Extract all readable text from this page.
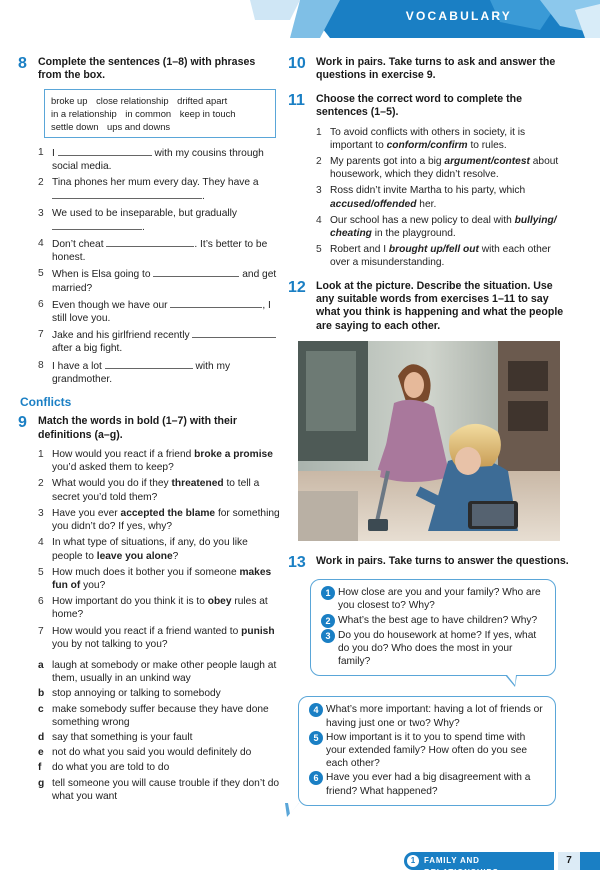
VOCABULARY
8	Complete the sentences (1–8) with phrases from the box.
broke up close relationship drifted apart
in a relationship in common keep in touch
settle down ups and downs
1 I	with my cousins through social media.
2 Tina phones her mum every day. They have a .
3 We used to be inseparable, but gradually
.
4 Don’t cheat	. It’s better to be honest.
5 When is Elsa going to	and get married?
6 Even though we have our	, I still love you.
7 Jake and his girlfriend recently  after a big fight.
8 I have a lot	with my grandmother.
Conflicts
9	Match the words in bold (1–7) with their definitions (a–g).
1 How would you react if a friend broke a promise you’d asked them to keep?
2 What would you do if they threatened to tell a secret you’d told them?
3 Have you ever accepted the blame for something you didn’t do? If yes, why?
4 In what type of situations, if any, do you like people to leave you alone?
5 How much does it bother you if someone makes fun of you?
6 How important do you think it is to obey rules at home?
7 How would you react if a friend wanted to punish you by not talking to you?
a laugh at somebody or make other people laugh at them, usually in an unkind way
b stop annoying or talking to somebody
c make somebody suffer because they have done something wrong
d say that something is your fault
e not do what you said you would definitely do
f	do what you are told to do
g tell someone you will cause trouble if they don’t do what you want
10 Work in pairs. Take turns to ask and answer the questions in exercise 9.
11	Choose the correct word to complete the sentences (1–5).
1 To avoid conflicts with others in society, it is important to conform/confirm to rules.
2 My parents got into a big argument/contest about housework, which they didn’t resolve.
3 Ross didn’t invite Martha to his party, which accused/offended her.
4 Our school has a new policy to deal with bullying/ cheating in the playground.
5 Robert and I brought up/fell out with each other over a misunderstanding.
12 Look at the picture. Describe the situation. Use any suitable words from exercises 1–11 to say what you think is happening and what the people are saying to each other.
13 Work in pairs. Take turns to answer the questions.
1 How close are you and your family? Who are you closest to? Why?
2 What’s the best age to have children? Why?
3 Do you do housework at home? If yes, what do you do? Who does the most in your family?
4 What’s more important: having a lot of friends or having just one or two? Why?
5 How important is it to you to spend time with your extended family? How often do you see each other?
6 Have you ever had a big disagreement with a friend? What happened?
1	FAMILY AND RELATIONSHIPS
7
